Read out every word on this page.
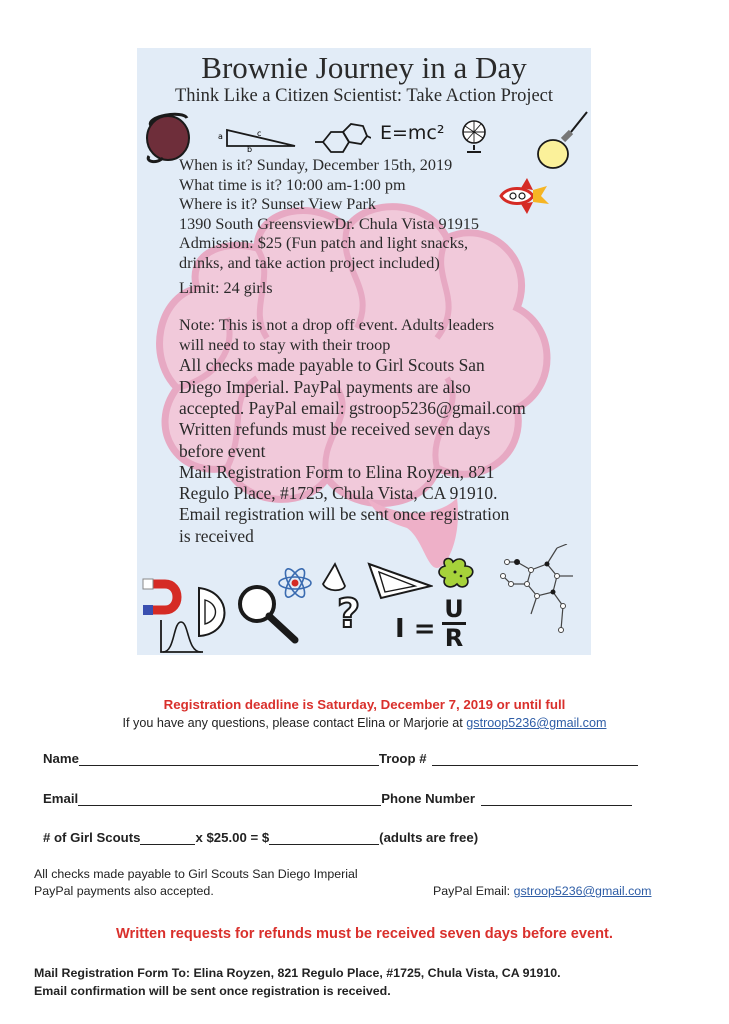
Brownie Journey in a Day
Think Like a Citizen Scientist: Take Action Project
a	c
b
E=mc²
When is it? Sunday, December 15th, 2019
What time is it? 10:00 am-1:00 pm
Where is it? Sunset View Park
1390 South GreensviewDr. Chula Vista 91915
Admission: $25 (Fun patch and light snacks,
drinks, and take action project included)
Limit: 24 girls
Note: This is not a drop off event. Adults leaders
will need to stay with their troop
All checks made payable to Girl Scouts San
Diego Imperial. PayPal payments are also
accepted. PayPal email: gstroop5236@gmail.com
Written refunds must be received seven days
before event
Mail Registration Form to Elina Royzen, 821
Regulo Place, #1725, Chula Vista, CA 91910.
Email registration will be sent once registration
is received
? I =
U
R
Registration deadline is Saturday, December 7, 2019 or until full
If you have any questions, please contact Elina or Marjorie at gstroop5236@gmail.com
Name	Troop #
Email	Phone Number
# of Girl Scouts	x $25.00 = $	(adults are free)
All checks made payable to Girl Scouts San Diego Imperial
PayPal payments also accepted.	PayPal Email: gstroop5236@gmail.com
Written requests for refunds must be received seven days before event.
Mail Registration Form To: Elina Royzen, 821 Regulo Place, #1725, Chula Vista, CA 91910.
Email confirmation will be sent once registration is received.
